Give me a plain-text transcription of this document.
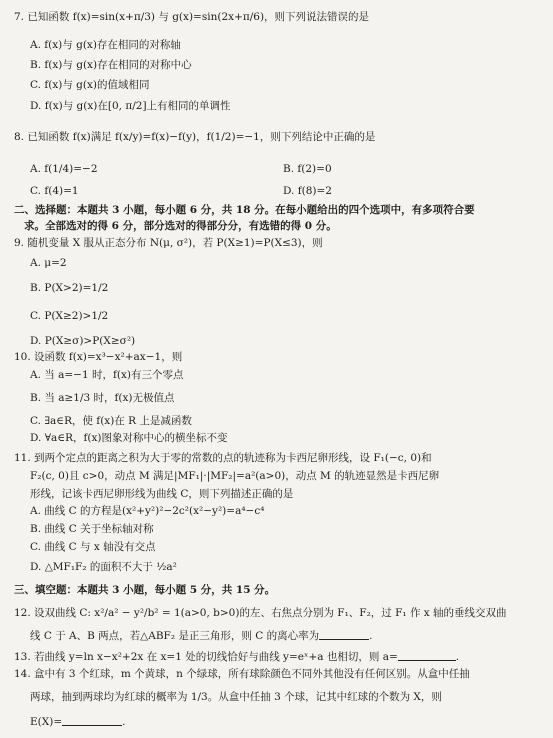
7. 已知函数 f(x)=sin(x+π/3) 与 g(x)=sin(2x+π/6)，则下列说法错误的是
A. f(x)与 g(x)存在相同的对称轴
B. f(x)与 g(x)存在相同的对称中心
C. f(x)与 g(x)的值域相同
D. f(x)与 g(x)在[0, π/2]上有相同的单调性
8. 已知函数 f(x)满足 f(x/y)=f(x)−f(y)，f(1/2)=−1，则下列结论中正确的是
A. f(1/4)=−2	B. f(2)=0
C. f(4)=1	D. f(8)=2
二、选择题：本题共 3 小题，每小题 6 分，共 18 分。在每小题给出的四个选项中，有多项符合要
求。全部选对的得 6 分，部分选对的得部分分，有选错的得 0 分。
9. 随机变量 X 服从正态分布 N(μ, σ²)，若 P(X≥1)=P(X≤3)，则
A. μ=2
B. P(X>2)=1/2
C. P(X≥2)>1/2
D. P(X≥σ)>P(X≥σ²)
10. 设函数 f(x)=x³−x²+ax−1，则
A. 当 a=−1 时，f(x)有三个零点
B. 当 a≥1/3 时，f(x)无极值点
C. ∃a∈R，使 f(x)在 R 上是减函数
D. ∀a∈R，f(x)图象对称中心的横坐标不变
11. 到两个定点的距离之积为大于零的常数的点的轨迹称为卡西尼卵形线，设 F₁(−c, 0)和
F₂(c, 0)且 c>0，动点 M 满足|MF₁|·|MF₂|=a²(a>0)，动点 M 的轨迹显然是卡西尼卵
形线，记该卡西尼卵形线为曲线 C，则下列描述正确的是
A. 曲线 C 的方程是(x²+y²)²−2c²(x²−y²)=a⁴−c⁴
B. 曲线 C 关于坐标轴对称
C. 曲线 C 与 x 轴没有交点
D. △MF₁F₂ 的面积不大于 ½a²
三、填空题：本题共 3 小题，每小题 5 分，共 15 分。
12. 设双曲线 C: x²/a² − y²/b² = 1(a>0, b>0)的左、右焦点分别为 F₁、F₂，过 F₁ 作 x 轴的垂线交双曲
线 C 于 A、B 两点，若△ABF₂ 是正三角形，则 C 的离心率为	.
13. 若曲线 y=ln x−x²+2x 在 x=1 处的切线恰好与曲线 y=eˣ+a 也相切，则 a=	.
14. 盒中有 3 个红球，m 个黄球，n 个绿球，所有球除颜色不同外其他没有任何区别。从盒中任抽
两球，抽到两球均为红球的概率为 1/3。从盒中任抽 3 个球，记其中红球的个数为 X，则
E(X)=	.
